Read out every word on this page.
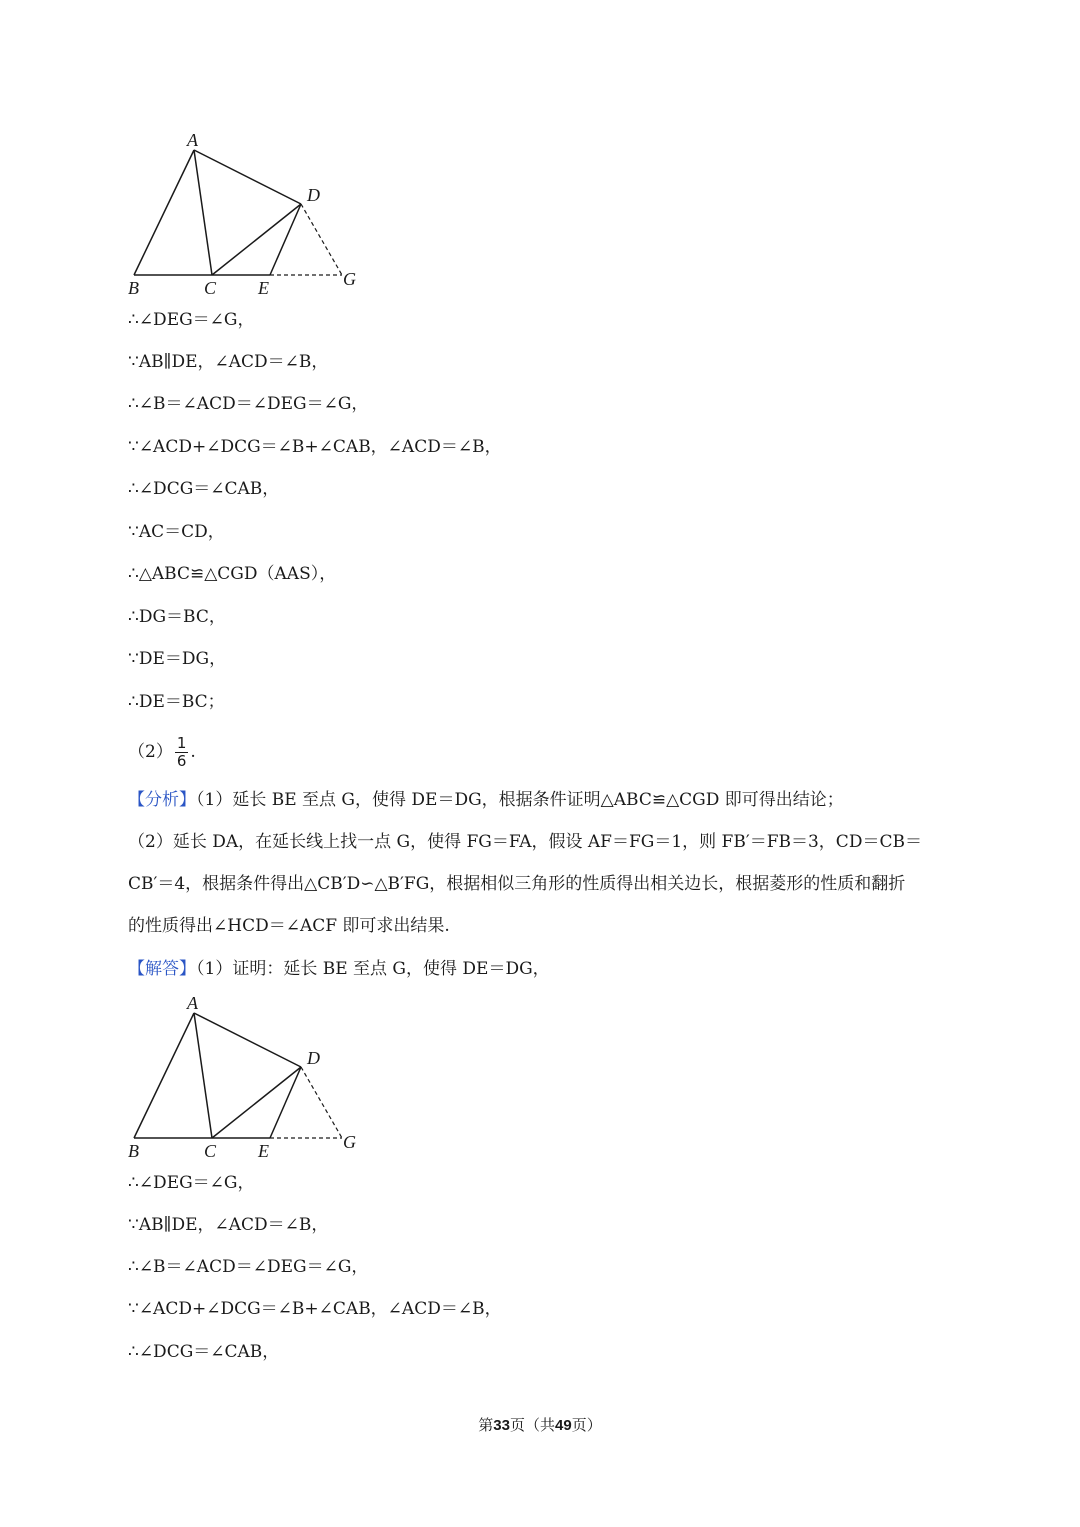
A
B	C
D
E	G
∴∠DEG＝∠G，
∵AB∥DE，∠ACD＝∠B，
∴∠B＝∠ACD＝∠DEG＝∠G，
∵∠ACD+∠DCG＝∠B+∠CAB，∠ACD＝∠B，
∴∠DCG＝∠CAB，
∵AC＝CD，
∴△ABC≌△CGD（AAS），
∴DG＝BC，
∵DE＝DG，
∴DE＝BC；
$(2) \frac{1}{6}$ .
【分析】（1）延长 BE 至点 G，使得 DE＝DG，根据条件证明△ABC≌△CGD 即可得出结论；
（2）延长 DA，在延长线上找一点 G，使得 FG＝FA，假设 AF＝FG＝1，则 FB′＝FB＝3，CD＝CB＝
CB′＝4，根据条件得出△CB′D∽△B′FG，根据相似三角形的性质得出相关边长，根据菱形的性质和翻折
的性质得出∠HCD＝∠ACF 即可求出结果.
【解答】（1）证明：延长 BE 至点 G，使得 DE＝DG，
A
B	C
D
E	G
∴∠DEG＝∠G，
∵AB∥DE，∠ACD＝∠B，
∴∠B＝∠ACD＝∠DEG＝∠G，
∵∠ACD+∠DCG＝∠B+∠CAB，∠ACD＝∠B，
∴∠DCG＝∠CAB，
第33页（共49页）
